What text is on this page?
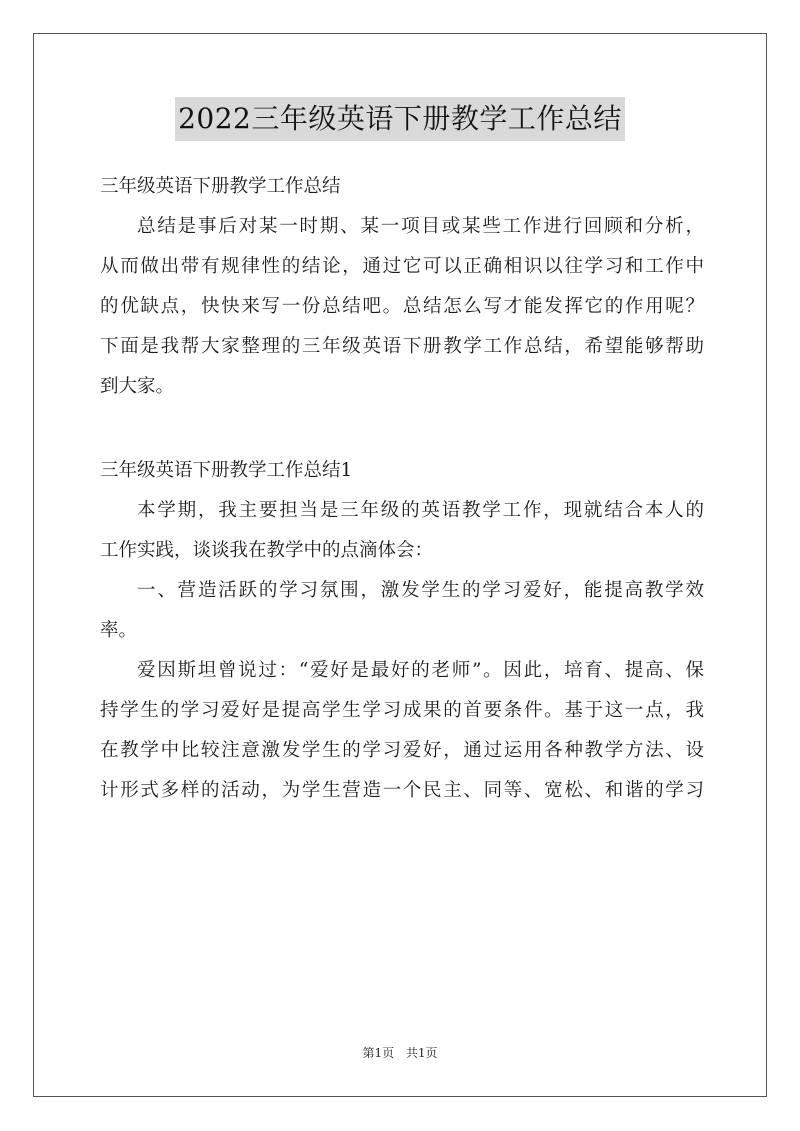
2022三年级英语下册教学工作总结
三年级英语下册教学工作总结
总结是事后对某一时期、某一项目或某些工作进行回顾和分析，
从而做出带有规律性的结论，通过它可以正确相识以往学习和工作中
的优缺点，快快来写一份总结吧。总结怎么写才能发挥它的作用呢？
下面是我帮大家整理的三年级英语下册教学工作总结，希望能够帮助
到大家。
三年级英语下册教学工作总结1
本学期，我主要担当是三年级的英语教学工作，现就结合本人的
工作实践，谈谈我在教学中的点滴体会：
一、营造活跃的学习氛围，激发学生的学习爱好，能提高教学效
率。
爱因斯坦曾说过：“爱好是最好的老师”。因此，培育、提高、保
持学生的学习爱好是提高学生学习成果的首要条件。基于这一点，我
在教学中比较注意激发学生的学习爱好，通过运用各种教学方法、设
计形式多样的活动，为学生营造一个民主、同等、宽松、和谐的学习
第1页 共1页
